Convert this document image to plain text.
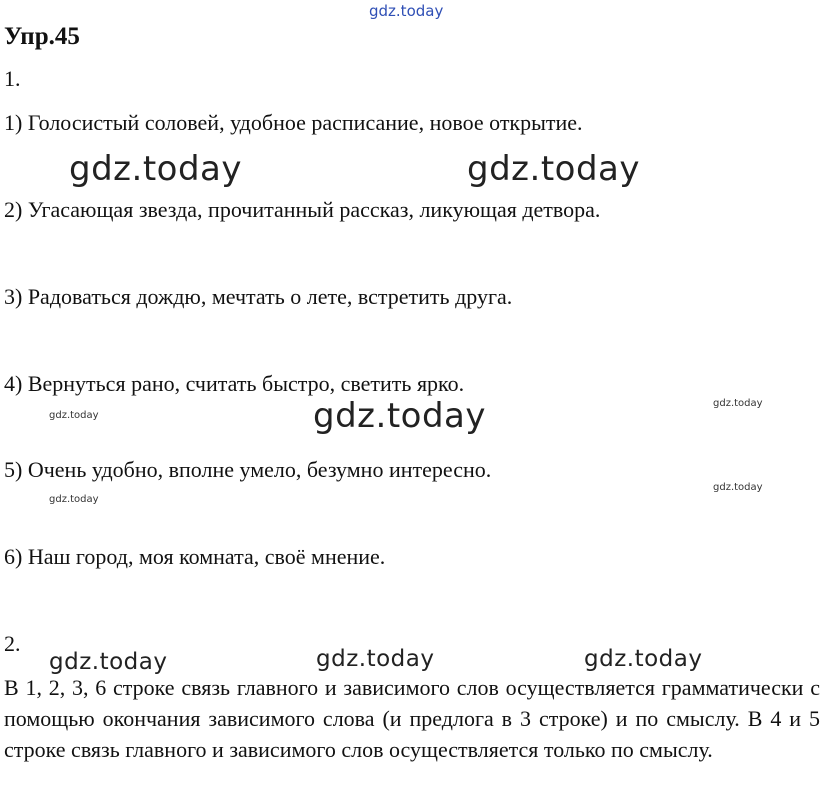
gdz.today
Упр.45
1.
1) Голосистый соловей, удобное расписание, новое открытие.
gdz.today	gdz.today
2) Угасающая звезда, прочитанный рассказ, ликующая детвора.
3) Радоваться дождю, мечтать о лете, встретить друга.
4) Вернуться рано, считать быстро, светить ярко.
gdz.today
gdz.today
gdz.today
5) Очень удобно, вполне умело, безумно интересно.
gdz.today
gdz.today
6) Наш город, моя комната, своё мнение.
2.
gdz.today	gdz.today	gdz.today
В 1, 2, 3, 6 строке связь главного и зависимого слов осуществляется грамматически с помощью окончания зависимого слова (и предлога в 3 строке) и по смыслу. В 4 и 5 строке связь главного и зависимого слов осуществляется только по смыслу.
